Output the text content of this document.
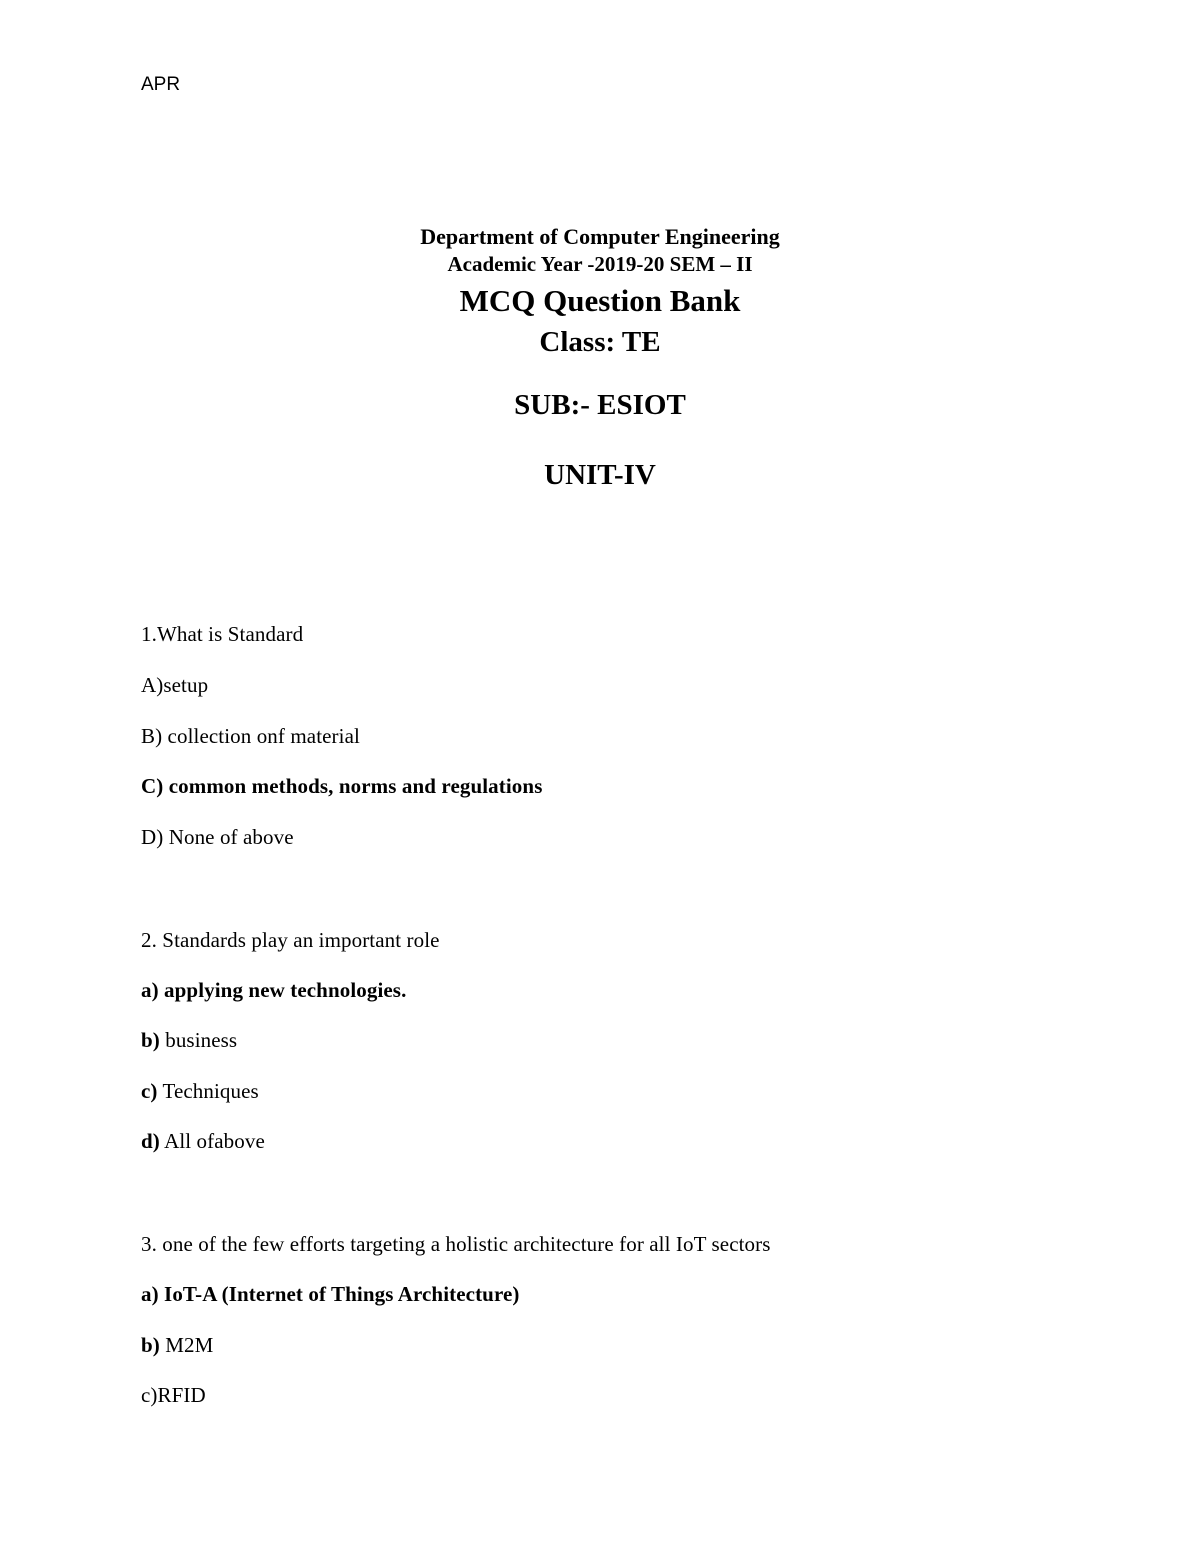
APR
Department of Computer Engineering
Academic Year -2019-20 SEM – II
MCQ Question Bank
Class: TE
SUB:- ESIOT
UNIT-IV
1.What is Standard
A)setup
B) collection onf material
C) common methods, norms and regulations
D) None of above
2. Standards play an important role
a) applying new technologies.
b) business
c) Techniques
d) All ofabove
3. one of the few efforts targeting a holistic architecture for all IoT sectors
a) IoT-A (Internet of Things Architecture)
b) M2M
c)RFID
